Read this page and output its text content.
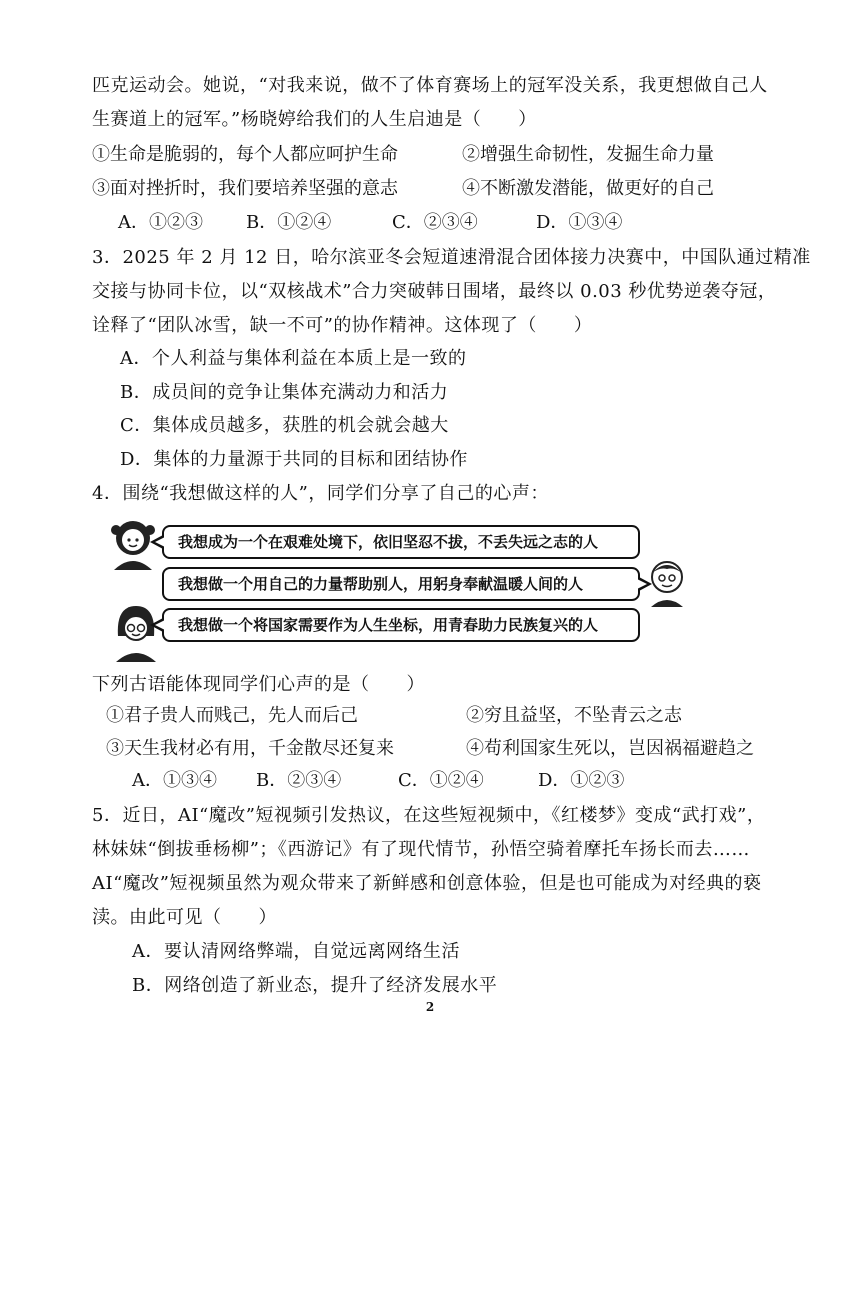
匹克运动会。她说，“对我来说，做不了体育赛场上的冠军没关系，我更想做自己人
生赛道上的冠军。”杨晓婷给我们的人生启迪是（　　）
①生命是脆弱的，每个人都应呵护生命	②增强生命韧性，发掘生命力量
③面对挫折时，我们要培养坚强的意志	④不断激发潜能，做更好的自己
A．①②③ B．①②④	C．②③④	D．①③④
3．2025 年 2 月 12 日，哈尔滨亚冬会短道速滑混合团体接力决赛中，中国队通过精准
交接与协同卡位，以“双核战术”合力突破韩日围堵，最终以 0.03 秒优势逆袭夺冠，
诠释了“团队冰雪，缺一不可”的协作精神。这体现了（　　）
A．个人利益与集体利益在本质上是一致的
B．成员间的竞争让集体充满动力和活力
C．集体成员越多，获胜的机会就会越大
D．集体的力量源于共同的目标和团结协作
4．围绕“我想做这样的人”，同学们分享了自己的心声：
我想成为一个在艰难处境下，依旧坚忍不拔，不丢失远之志的人
我想做一个用自己的力量帮助别人，用躬身奉献温暖人间的人
我想做一个将国家需要作为人生坐标，用青春助力民族复兴的人
下列古语能体现同学们心声的是（　　）
①君子贵人而贱己，先人而后己	②穷且益坚，不坠青云之志
③天生我材必有用，千金散尽还复来	④苟利国家生死以，岂因祸福避趋之
A．①③④ B．②③④	C．①②④	D．①②③
5．近日，AI“魔改”短视频引发热议，在这些短视频中，《红楼梦》变成“武打戏”，
林妹妹“倒拔垂杨柳”；《西游记》有了现代情节，孙悟空骑着摩托车扬长而去……
AI“魔改”短视频虽然为观众带来了新鲜感和创意体验，但是也可能成为对经典的亵
渎。由此可见（　　）
A．要认清网络弊端，自觉远离网络生活
B．网络创造了新业态，提升了经济发展水平
2
